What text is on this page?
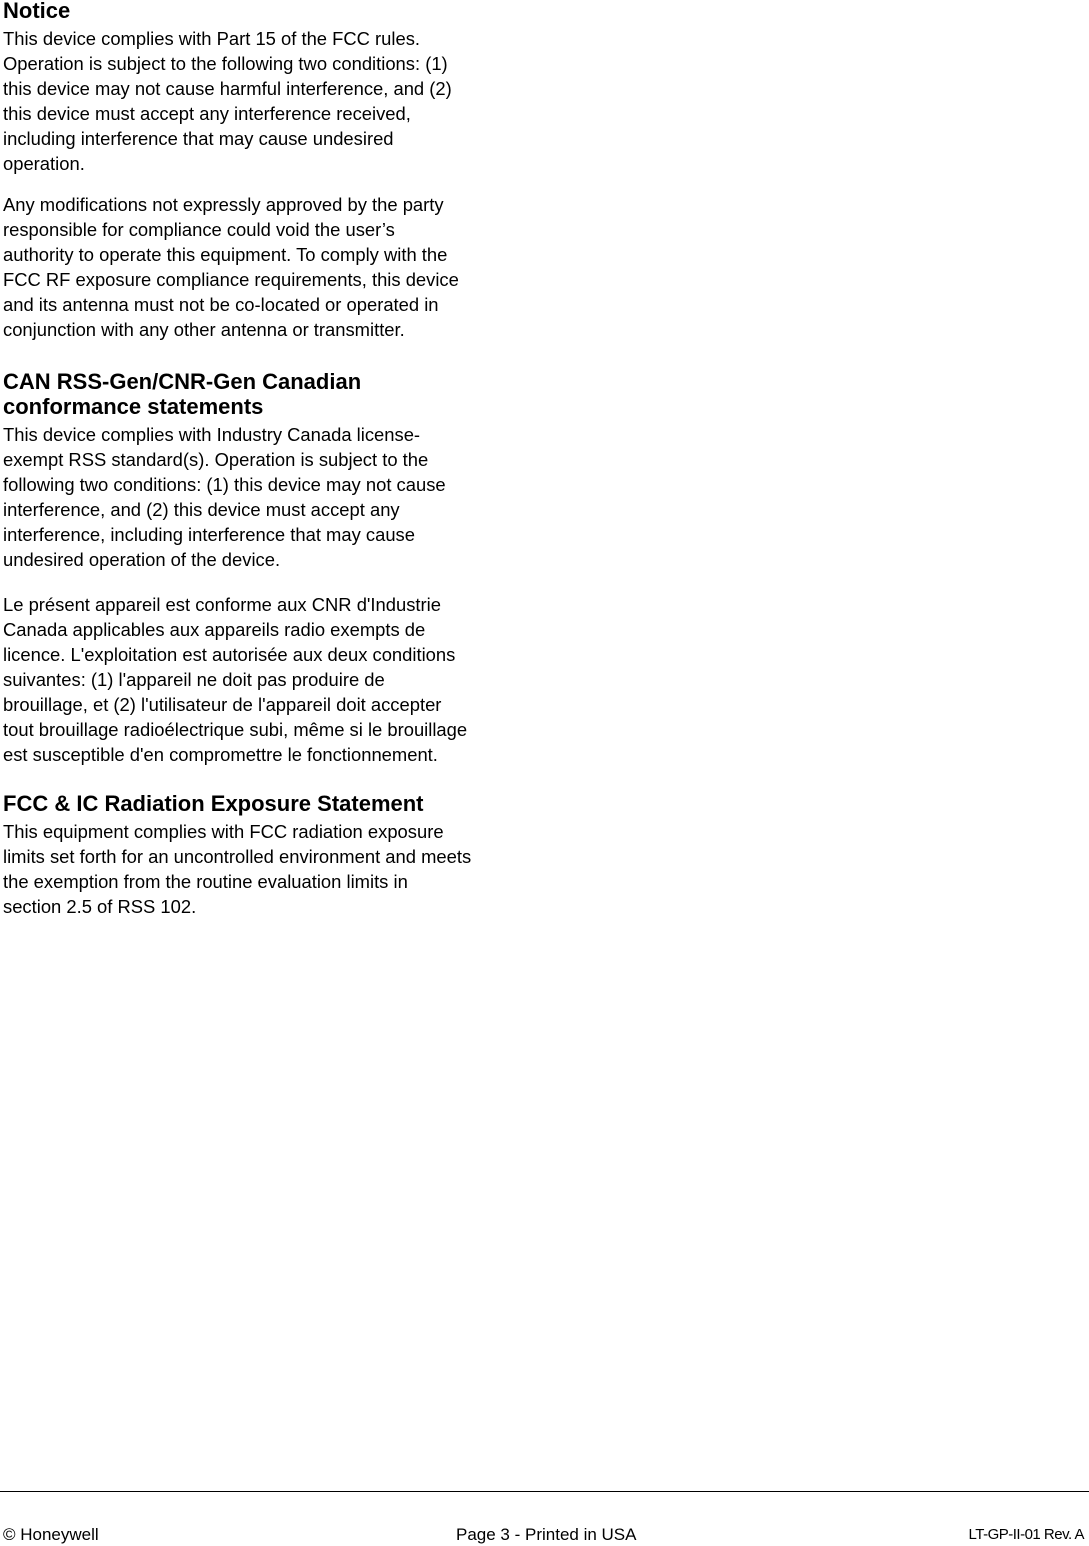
Notice
This device complies with Part 15 of the FCC rules.
Operation is subject to the following two conditions: (1)
this device may not cause harmful interference, and (2)
this device must accept any interference received,
including interference that may cause undesired
operation.
Any modifications not expressly approved by the party
responsible for compliance could void the user’s
authority to operate this equipment. To comply with the
FCC RF exposure compliance requirements, this device
and its antenna must not be co-located or operated in
conjunction with any other antenna or transmitter.
CAN RSS-Gen/CNR-Gen Canadian
conformance statements
This device complies with Industry Canada license-
exempt RSS standard(s). Operation is subject to the
following two conditions: (1) this device may not cause
interference, and (2) this device must accept any
interference, including interference that may cause
undesired operation of the device.
Le présent appareil est conforme aux CNR d'Industrie
Canada applicables aux appareils radio exempts de
licence. L'exploitation est autorisée aux deux conditions
suivantes: (1) l'appareil ne doit pas produire de
brouillage, et (2) l'utilisateur de l'appareil doit accepter
tout brouillage radioélectrique subi, même si le brouillage
est susceptible d'en compromettre le fonctionnement.
FCC & IC Radiation Exposure Statement
This equipment complies with FCC radiation exposure
limits set forth for an uncontrolled environment and meets
the exemption from the routine evaluation limits in
section 2.5 of RSS 102.
© Honeywell	Page 3 - Printed in USA	LT-GP-II-01 Rev. A
